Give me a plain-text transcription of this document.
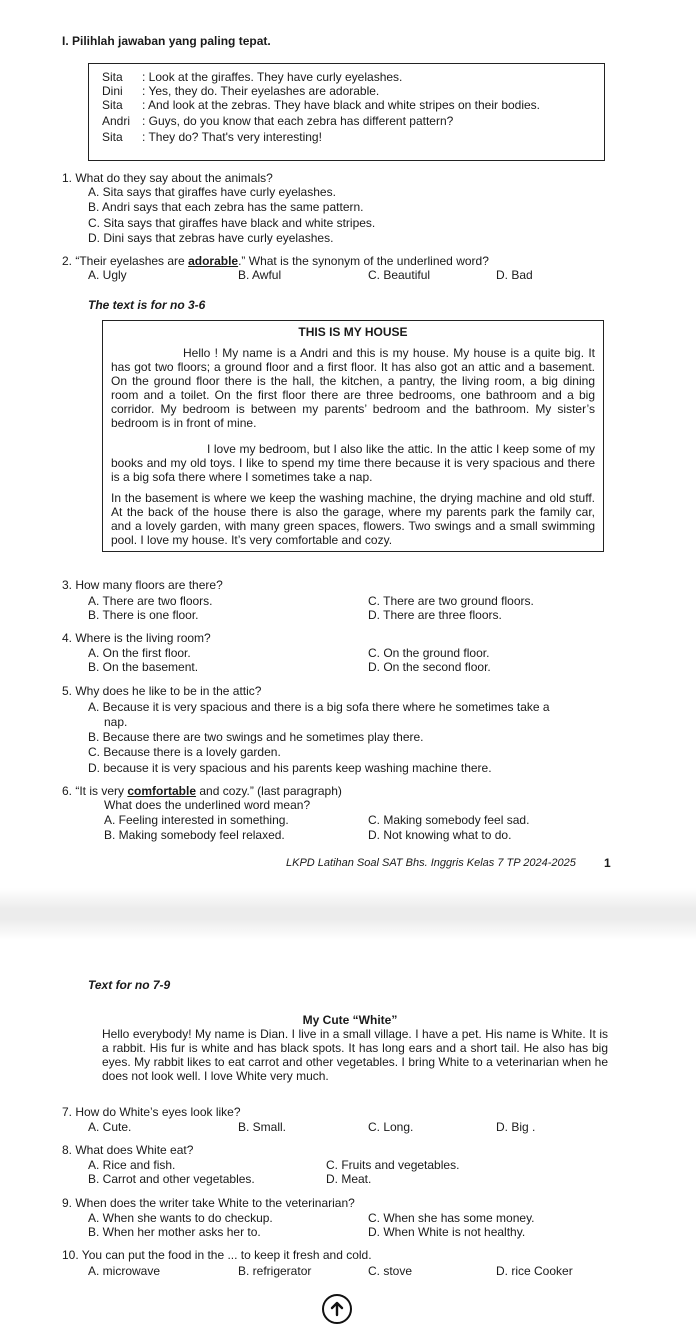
I. Pilihlah jawaban yang paling tepat.
Sita	: Look at the giraffes. They have curly eyelashes.
Dini	: Yes, they do. Their eyelashes are adorable.
Sita	: And look at the zebras. They have black and white stripes on their bodies.
Andri : Guys, do you know that each zebra has different pattern?
Sita	: They do? That's very interesting!
1. What do they say about the animals?
A. Sita says that giraffes have curly eyelashes.
B. Andri says that each zebra has the same pattern.
C. Sita says that giraffes have black and white stripes.
D. Dini says that zebras have curly eyelashes.
2. “Their eyelashes are adorable.” What is the synonym of the underlined word?
A. Ugly	B. Awful	C. Beautiful	D. Bad
The text is for no 3-6
THIS IS MY HOUSE
Hello ! My name is a Andri and this is my house. My house is a quite big. It has got two floors; a ground floor and a first floor. It has also got an attic and a basement. On the ground floor there is the hall, the kitchen, a pantry, the living room, a big dining room and a toilet. On the first floor there are three bedrooms, one bathroom and a big corridor. My bedroom is between my parents’ bedroom and the bathroom. My sister’s bedroom is in front of mine.
I love my bedroom, but I also like the attic. In the attic I keep some of my books and my old toys. I like to spend my time there because it is very spacious and there is a big sofa there where I sometimes take a nap.
In the basement is where we keep the washing machine, the drying machine and old stuff. At the back of the house there is also the garage, where my parents park the family car, and a lovely garden, with many green spaces, flowers. Two swings and a small swimming pool. I love my house. It’s very comfortable and cozy.
3. How many floors are there?
A. There are two floors.	C. There are two ground floors.
B. There is one floor.	D. There are three floors.
4. Where is the living room?
A. On the first floor.	C. On the ground floor.
B. On the basement.	D. On the second floor.
5. Why does he like to be in the attic?
A. Because it is very spacious and there is a big sofa there where he sometimes take a
nap.
B. Because there are two swings and he sometimes play there.
C. Because there is a lovely garden.
D. because it is very spacious and his parents keep washing machine there.
6. “It is very comfortable and cozy.” (last paragraph)
What does the underlined word mean?
A. Feeling interested in something.	C. Making somebody feel sad.
B. Making somebody feel relaxed.	D. Not knowing what to do.
LKPD Latihan Soal SAT Bhs. Inggris Kelas 7 TP 2024-2025 1
Text for no 7-9
My Cute “White”
Hello everybody! My name is Dian. I live in a small village. I have a pet. His name is White. It is a rabbit. His fur is white and has black spots. It has long ears and a short tail. He also has big eyes. My rabbit likes to eat carrot and other vegetables. I bring White to a veterinarian when he does not look well. I love White very much.
7. How do White’s eyes look like?
A. Cute.	B. Small.	C. Long.	D. Big .
8. What does White eat?
A. Rice and fish.	C. Fruits and vegetables.
B. Carrot and other vegetables.	D. Meat.
9. When does the writer take White to the veterinarian?
A. When she wants to do checkup.	C. When she has some money.
B. When her mother asks her to.	D. When White is not healthy.
10. You can put the food in the ... to keep it fresh and cold.
A. microwave	B. refrigerator	C. stove	D. rice Cooker
